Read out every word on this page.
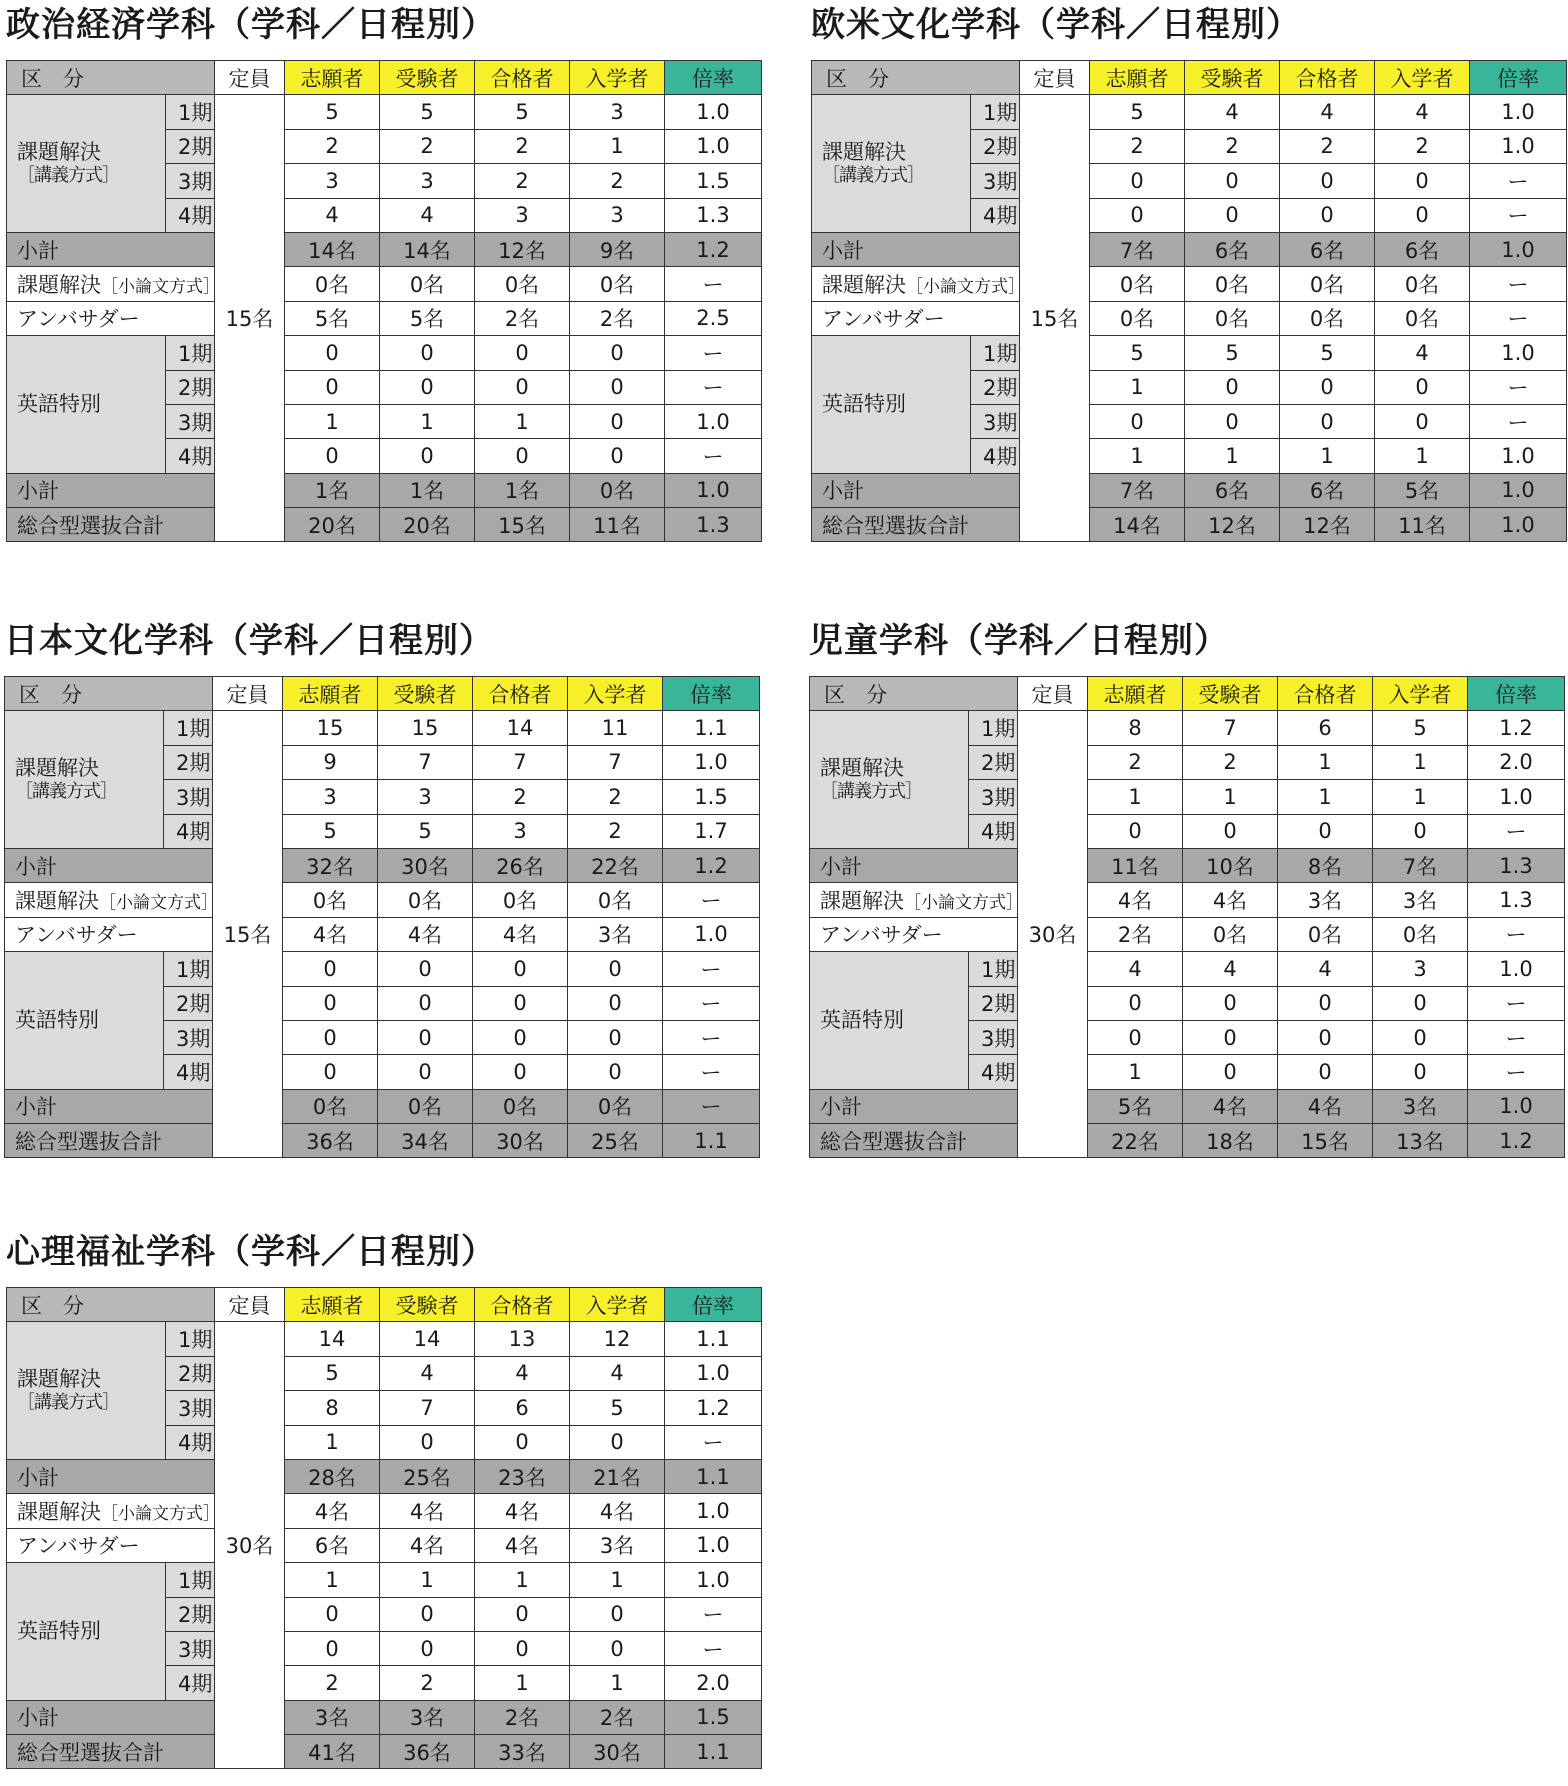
政治経済学科（学科／日程別）
区　分		定員	志願者	受験者	合格者	入学者	倍率
課題解決
［講義方式］	1期	15名	5	5	5	3	1.0
	2期		2	2	2	1	1.0
	3期		3	3	2	2	1.5
	4期		4	4	3	3	1.3
小計			14名	14名	12名	9名	1.2
課題解決［小論文方式］			0名	0名	0名	0名	ー
アンバサダー			5名	5名	2名	2名	2.5
英語特別	1期		0	0	0	0	ー
	2期		0	0	0	0	ー
	3期		1	1	1	0	1.0
	4期		0	0	0	0	ー
小計			1名	1名	1名	0名	1.0
総合型選抜合計			20名	20名	15名	11名	1.3
欧米文化学科（学科／日程別）
区　分		定員	志願者	受験者	合格者	入学者	倍率
課題解決
［講義方式］	1期	15名	5	4	4	4	1.0
	2期		2	2	2	2	1.0
	3期		0	0	0	0	ー
	4期		0	0	0	0	ー
小計			7名	6名	6名	6名	1.0
課題解決［小論文方式］			0名	0名	0名	0名	ー
アンバサダー			0名	0名	0名	0名	ー
英語特別	1期		5	5	5	4	1.0
	2期		1	0	0	0	ー
	3期		0	0	0	0	ー
	4期		1	1	1	1	1.0
小計			7名	6名	6名	5名	1.0
総合型選抜合計			14名	12名	12名	11名	1.0
日本文化学科（学科／日程別）
区　分		定員	志願者	受験者	合格者	入学者	倍率
課題解決
［講義方式］	1期	15名	15	15	14	11	1.1
	2期		9	7	7	7	1.0
	3期		3	3	2	2	1.5
	4期		5	5	3	2	1.7
小計			32名	30名	26名	22名	1.2
課題解決［小論文方式］			0名	0名	0名	0名	ー
アンバサダー			4名	4名	4名	3名	1.0
英語特別	1期		0	0	0	0	ー
	2期		0	0	0	0	ー
	3期		0	0	0	0	ー
	4期		0	0	0	0	ー
小計			0名	0名	0名	0名	ー
総合型選抜合計			36名	34名	30名	25名	1.1
児童学科（学科／日程別）
区　分		定員	志願者	受験者	合格者	入学者	倍率
課題解決
［講義方式］	1期	30名	8	7	6	5	1.2
	2期		2	2	1	1	2.0
	3期		1	1	1	1	1.0
	4期		0	0	0	0	ー
小計			11名	10名	8名	7名	1.3
課題解決［小論文方式］			4名	4名	3名	3名	1.3
アンバサダー			2名	0名	0名	0名	ー
英語特別	1期		4	4	4	3	1.0
	2期		0	0	0	0	ー
	3期		0	0	0	0	ー
	4期		1	0	0	0	ー
小計			5名	4名	4名	3名	1.0
総合型選抜合計			22名	18名	15名	13名	1.2
心理福祉学科（学科／日程別）
区　分		定員	志願者	受験者	合格者	入学者	倍率
課題解決
［講義方式］	1期	30名	14	14	13	12	1.1
	2期		5	4	4	4	1.0
	3期		8	7	6	5	1.2
	4期		1	0	0	0	ー
小計			28名	25名	23名	21名	1.1
課題解決［小論文方式］			4名	4名	4名	4名	1.0
アンバサダー			6名	4名	4名	3名	1.0
英語特別	1期		1	1	1	1	1.0
	2期		0	0	0	0	ー
	3期		0	0	0	0	ー
	4期		2	2	1	1	2.0
小計			3名	3名	2名	2名	1.5
総合型選抜合計			41名	36名	33名	30名	1.1
